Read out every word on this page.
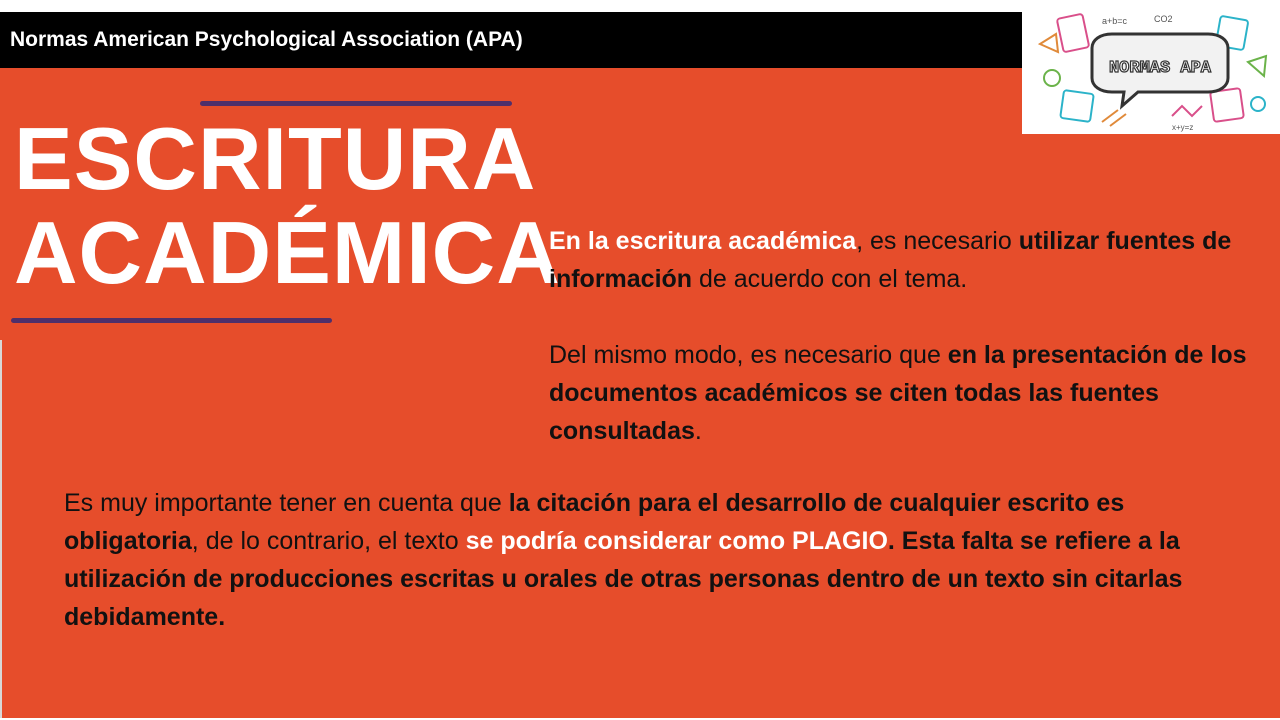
Normas American Psychological Association (APA)
NORMAS APA
a+b=c	CO2
x+y=z
ESCRITURA
ACADÉMICA
En la escritura académica, es necesario utilizar fuentes de información de acuerdo con el tema.
Del mismo modo, es necesario que en la presentación de los documentos académicos se citen todas las fuentes consultadas.
Es muy importante tener en cuenta que la citación para el desarrollo de cualquier escrito es obligatoria, de lo contrario, el texto se podría considerar como PLAGIO. Esta falta se refiere a la utilización de producciones escritas u orales de otras personas dentro de un texto sin citarlas debidamente.
